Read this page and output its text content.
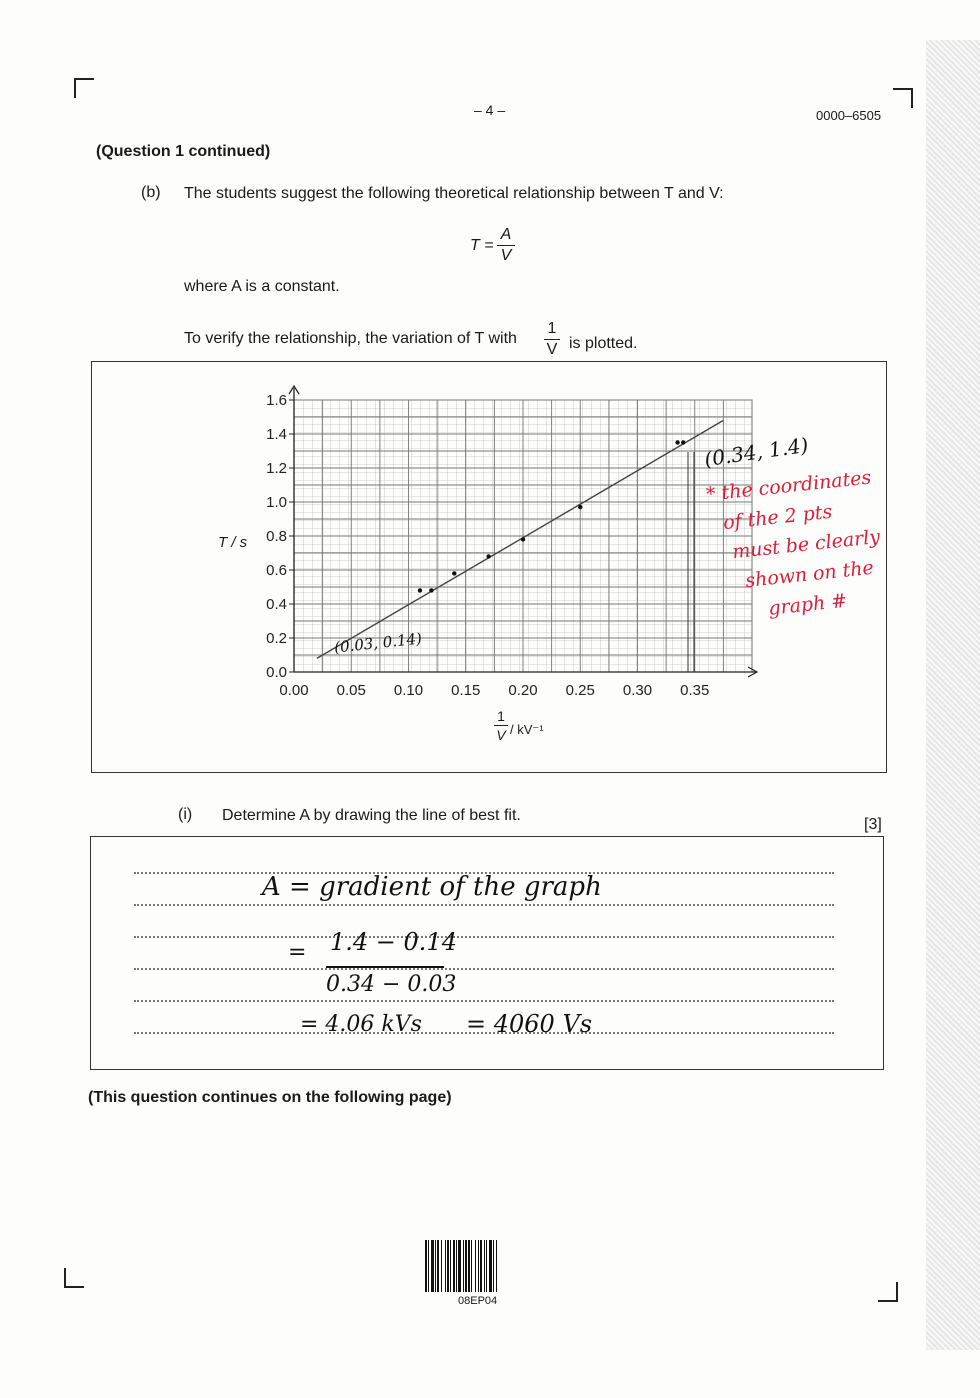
– 4 –	0000–6505
(Question 1 continued)
(b) The students suggest the following theoretical relationship between T and V:
T =
A
V
where A is a constant.
To verify the relationship, the variation of T with
1
V is plotted.
0.0
0.2
0.4
0.6
0.8
1.0
1.2
1.4
1.6
0.00 0.05 0.10 0.15 0.20 0.25 0.30 0.35
T / s
1
V / kV⁻¹
(0.34, 1.4)
(0.03, 0.14)
* the coordinates
of the 2 pts
must be clearly
shown on the
graph #
(i) Determine A by drawing the line of best fit.
[3]
A = gradient of the graph
= 1.4 − 0.14
0.34 − 0.03
= 4.06 kVs = 4060 Vs
(This question continues on the following page)
08EP04
